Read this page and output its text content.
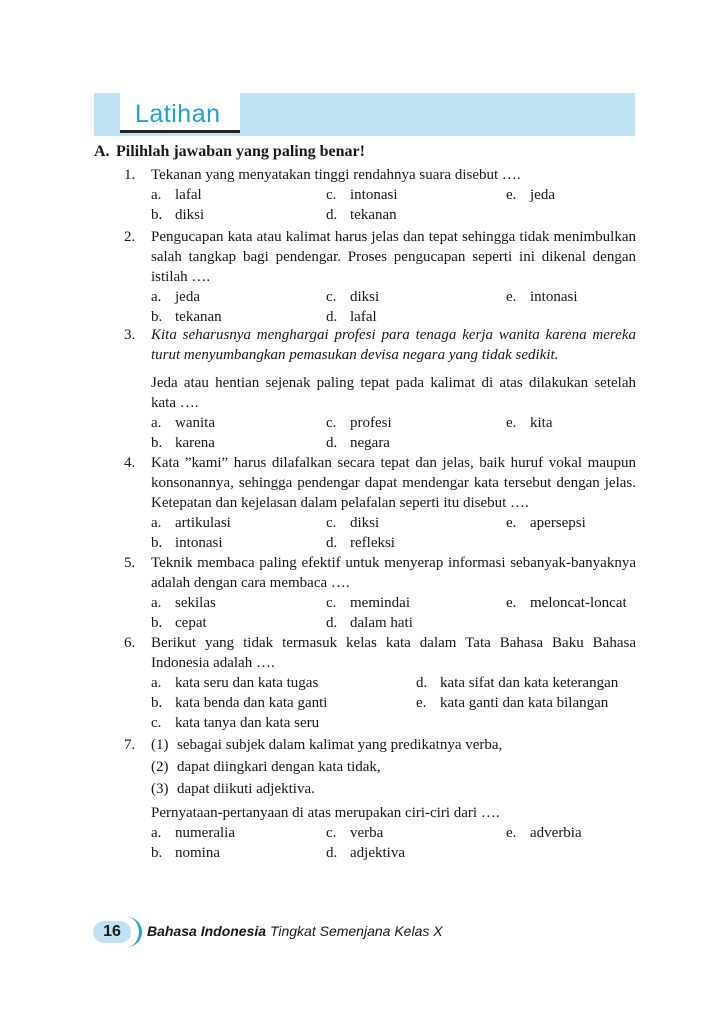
Latihan
A. Pilihlah jawaban yang paling benar!
1. Tekanan yang menyatakan tinggi rendahnya suara disebut ….
a. lafal	c. intonasi	e. jeda
b. diksi	d. tekanan
2. Pengucapan kata atau kalimat harus jelas dan tepat sehingga tidak menimbulkan salah tangkap bagi pendengar. Proses pengucapan seperti ini dikenal dengan istilah ….
a. jeda	c. diksi	e. intonasi
b. tekanan	d. lafal
3. Kita seharusnya menghargai profesi para tenaga kerja wanita karena mereka turut menyumbangkan pemasukan devisa negara yang tidak sedikit.
Jeda atau hentian sejenak paling tepat pada kalimat di atas dilakukan setelah kata ….
a. wanita	c. profesi	e. kita
b. karena	d. negara
4. Kata ”kami” harus dilafalkan secara tepat dan jelas, baik huruf vokal maupun konsonannya, sehingga pendengar dapat mendengar kata tersebut dengan jelas. Ketepatan dan kejelasan dalam pelafalan seperti itu disebut ….
a. artikulasi	c. diksi	e. apersepsi
b. intonasi	d. refleksi
5. Teknik membaca paling efektif untuk menyerap informasi sebanyak-banyaknya adalah dengan cara membaca ….
a. sekilas	c. memindai	e. meloncat-loncat
b. cepat	d. dalam hati
6. Berikut yang tidak termasuk kelas kata dalam Tata Bahasa Baku Bahasa Indonesia adalah ….
a. kata seru dan kata tugas	d. kata sifat dan kata keterangan
b. kata benda dan kata ganti	e. kata ganti dan kata bilangan
c. kata tanya dan kata seru
7. (1) sebagai subjek dalam kalimat yang predikatnya verba,
(2) dapat diingkari dengan kata tidak,
(3) dapat diikuti adjektiva.
Pernyataan-pertanyaan di atas merupakan ciri-ciri dari ….
a. numeralia	c. verba	e. adverbia
b. nomina	d. adjektiva
16	Bahasa Indonesia Tingkat Semenjana Kelas X
